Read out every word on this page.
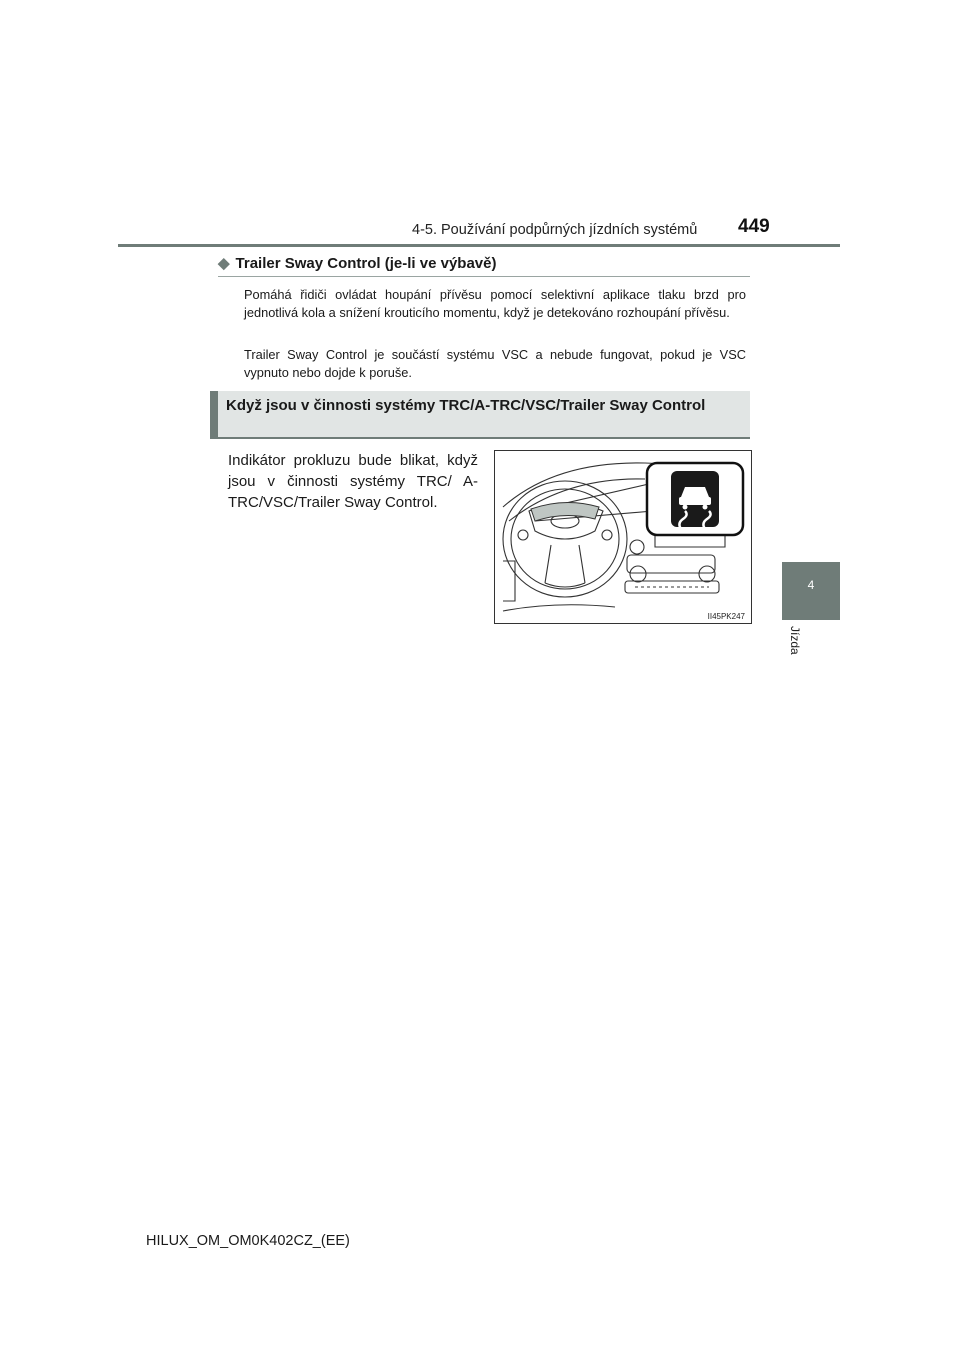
4-5. Používání podpůrných jízdních systémů 449
4
Jízda
◆ Trailer Sway Control (je-li ve výbavě)

Pomáhá řidiči ovládat houpání přívěsu pomocí selektivní aplikace tlaku brzd pro jednotlivá kola a snížení krouticího momentu, když je detekováno rozhoupání přívěsu.

Trailer Sway Control je součástí systému VSC a nebude fungovat, pokud je VSC vypnuto nebo dojde k poruše.

Když jsou v činnosti systémy TRC/A-TRC/VSC/Trailer Sway Control

Indikátor prokluzu bude blikat, když jsou v činnosti systémy TRC/ A-TRC/VSC/Trailer Sway Control.

II45PK247
HILUX_OM_OM0K402CZ_(EE)
